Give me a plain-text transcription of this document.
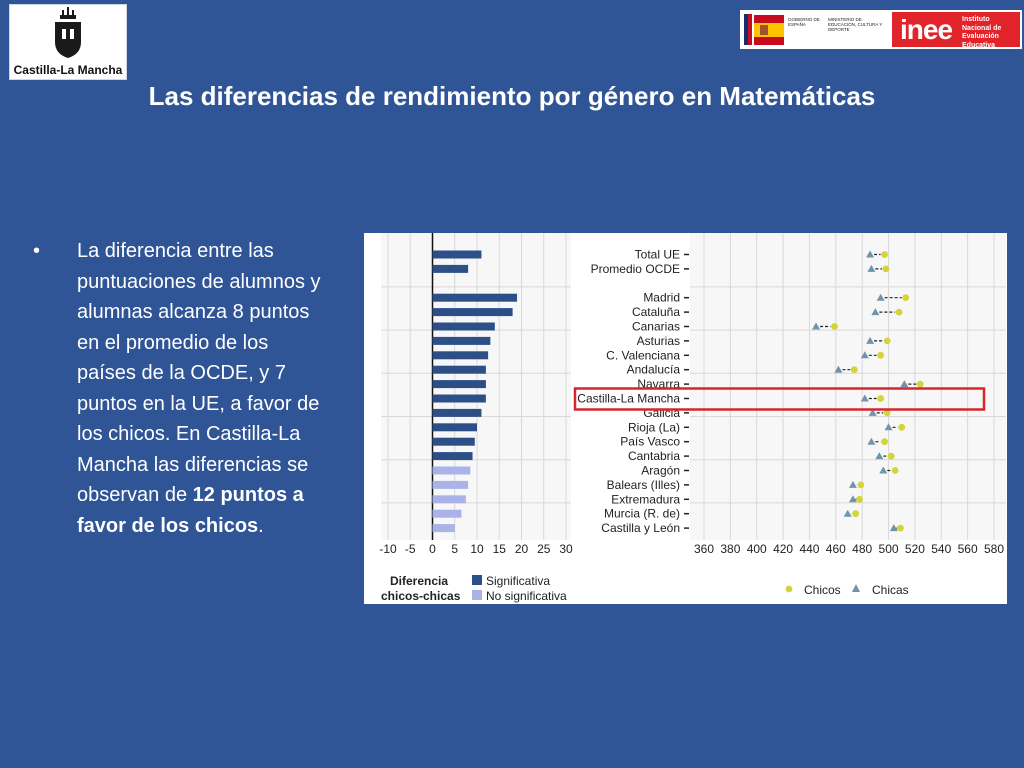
Castilla-La Mancha
GOBIERNO DE ESPAÑA
MINISTERIO DE EDUCACIÓN, CULTURA Y DEPORTE	inee Instituto Nacional de Evaluación Educativa
Las diferencias de rendimiento por género en Matemáticas
• La diferencia entre las puntuaciones de alumnos y alumnas alcanza 8 puntos en el promedio de los países de la OCDE, y 7 puntos en la UE, a favor de los chicos. En Castilla-La Mancha las diferencias se observan de 12 puntos a favor de los chicos.
-10 -5 0 5 10 15 20 25 30
Diferencia
chicos-chicas
Significativa
No significativa
Total UE
Promedio OCDE
Madrid
Cataluña
Canarias
Asturias
C. Valenciana
Andalucía
Navarra
Castilla-La Mancha
Galicia
Rioja (La)
País Vasco
Cantabria
Aragón
Balears (Illes)
Extremadura
Murcia (R. de)
Castilla y León
360 380 400 420 440 460 480 500 520 540 560 580
Chicos	Chicas
